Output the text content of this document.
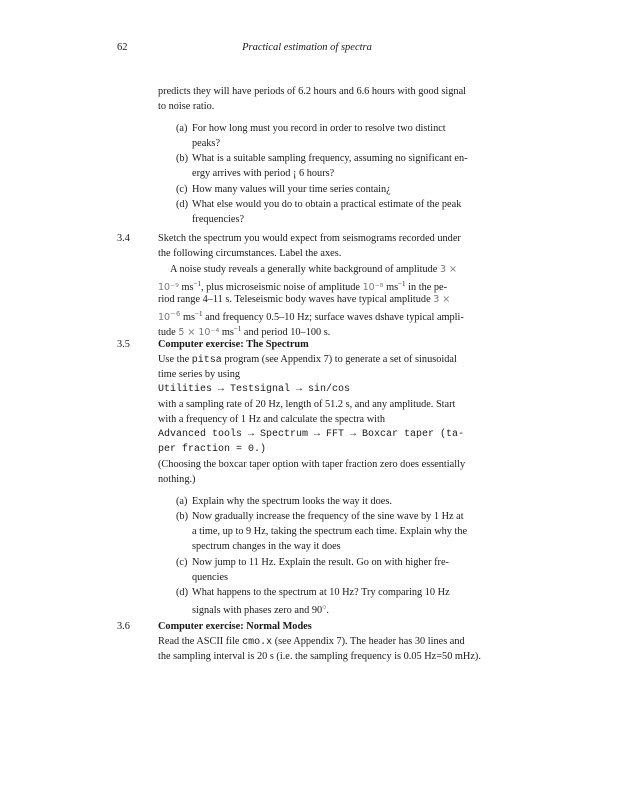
62	Practical estimation of spectra
predicts they will have periods of 6.2 hours and 6.6 hours with good signal
to noise ratio.
(a) For how long must you record in order to resolve two distinct
peaks?
(b) What is a suitable sampling frequency, assuming no significant en-
ergy arrives with period ¡ 6 hours?
(c) How many values will your time series contain¿
(d) What else would you do to obtain a practical estimate of the peak
frequencies?
3.4	Sketch the spectrum you would expect from seismograms recorded under
the following circumstances. Label the axes.
A noise study reveals a generally white background of amplitude 3 ×
10⁻⁹ $ms^{-1}$, plus microseismic noise of amplitude 10⁻⁸ $ms^{-1}$ in the pe-
riod range 4–11 s. Teleseismic body waves have typical amplitude 3 ×
$10^{-6}$ $ms^{-1}$ and frequency 0.5–10 Hz; surface waves dshave typical ampli-
tude 5 × 10⁻⁴ $ms^{-1}$ and period 10–100 s.
3.5	Computer exercise: The Spectrum
Use the pitsa program (see Appendix 7) to generate a set of sinusoidal
time series by using
Utilities → Testsignal → sin/cos
with a sampling rate of 20 Hz, length of 51.2 s, and any amplitude. Start
with a frequency of 1 Hz and calculate the spectra with
Advanced tools → Spectrum → FFT → Boxcar taper (ta-
per fraction = 0.)
(Choosing the boxcar taper option with taper fraction zero does essentially
nothing.)
(a) Explain why the spectrum looks the way it does.
(b) Now gradually increase the frequency of the sine wave by 1 Hz at
a time, up to 9 Hz, taking the spectrum each time. Explain why the
spectrum changes in the way it does
(c) Now jump to 11 Hz. Explain the result. Go on with higher fre-
quencies
(d) What happens to the spectrum at 10 Hz? Try comparing 10 Hz
signals with phases zero and 90○.
3.6	Computer exercise: Normal Modes
Read the ASCII file cmo.x (see Appendix 7). The header has 30 lines and
the sampling interval is 20 s (i.e. the sampling frequency is 0.05 Hz=50 mHz).
